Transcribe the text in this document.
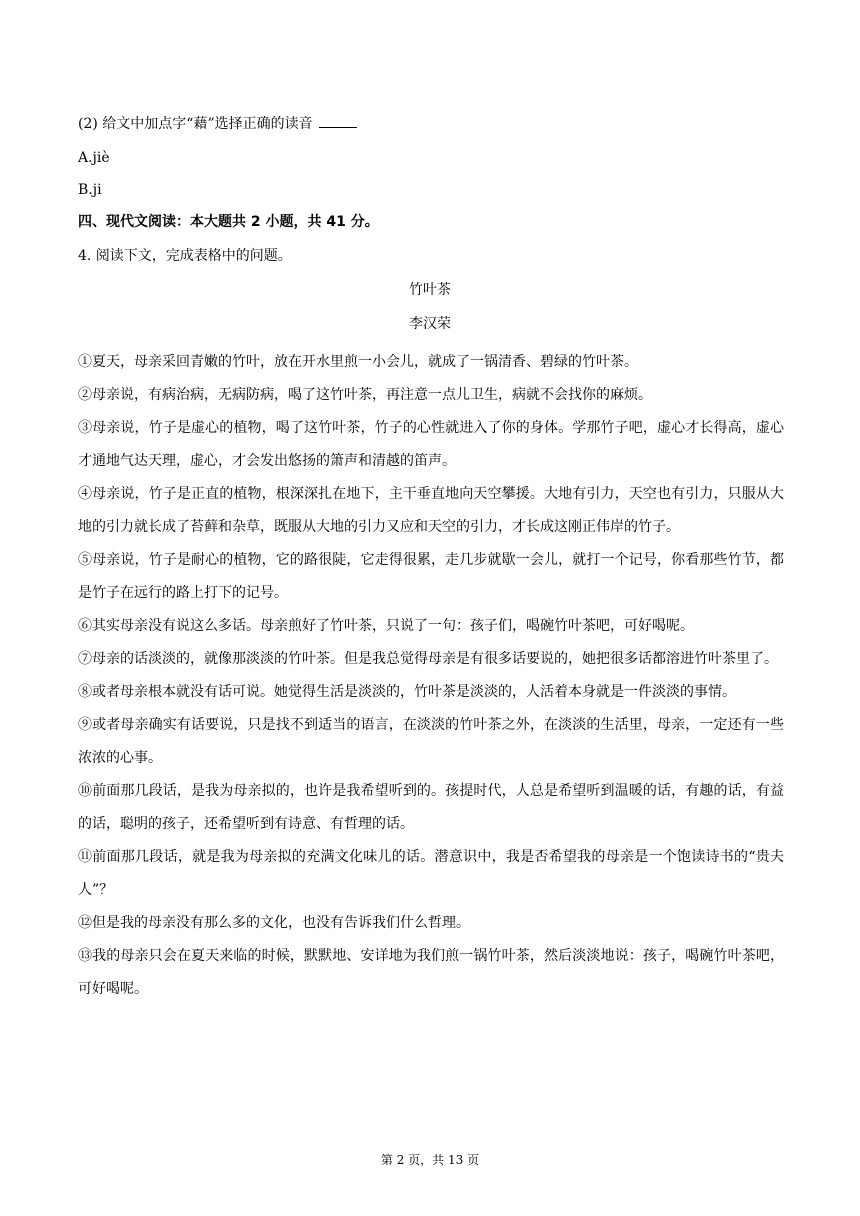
(2) 给文中加点字“藉”选择正确的读音
A.jiè
B.ji
四、现代文阅读：本大题共 2 小题，共 41 分。
4. 阅读下文，完成表格中的问题。
竹叶茶
李汉荣
①夏天，母亲采回青嫩的竹叶，放在开水里煎一小会儿，就成了一锅清香、碧绿的竹叶茶。
②母亲说，有病治病，无病防病，喝了这竹叶茶，再注意一点儿卫生，病就不会找你的麻烦。
③母亲说，竹子是虚心的植物，喝了这竹叶茶，竹子的心性就进入了你的身体。学那竹子吧，虚心才长得高，虚心才通地气达天理，虚心，才会发出悠扬的箫声和清越的笛声。
④母亲说，竹子是正直的植物，根深深扎在地下，主干垂直地向天空攀援。大地有引力，天空也有引力，只服从大地的引力就长成了苔藓和杂草，既服从大地的引力又应和天空的引力，才长成这刚正伟岸的竹子。
⑤母亲说，竹子是耐心的植物，它的路很陡，它走得很累，走几步就歇一会儿，就打一个记号，你看那些竹节，都是竹子在远行的路上打下的记号。
⑥其实母亲没有说这么多话。母亲煎好了竹叶茶，只说了一句：孩子们，喝碗竹叶茶吧，可好喝呢。
⑦母亲的话淡淡的，就像那淡淡的竹叶茶。但是我总觉得母亲是有很多话要说的，她把很多话都溶进竹叶茶里了。
⑧或者母亲根本就没有话可说。她觉得生活是淡淡的，竹叶茶是淡淡的，人活着本身就是一件淡淡的事情。
⑨或者母亲确实有话要说，只是找不到适当的语言，在淡淡的竹叶茶之外，在淡淡的生活里，母亲，一定还有一些浓浓的心事。
⑩前面那几段话，是我为母亲拟的，也许是我希望听到的。孩提时代，人总是希望听到温暖的话，有趣的话，有益的话，聪明的孩子，还希望听到有诗意、有哲理的话。
⑪前面那几段话，就是我为母亲拟的充满文化味儿的话。潜意识中，我是否希望我的母亲是一个饱读诗书的“贵夫人”？
⑫但是我的母亲没有那么多的文化，也没有告诉我们什么哲理。
⑬我的母亲只会在夏天来临的时候，默默地、安详地为我们煎一锅竹叶茶，然后淡淡地说：孩子，喝碗竹叶茶吧，可好喝呢。
第 2 页，共 13 页
